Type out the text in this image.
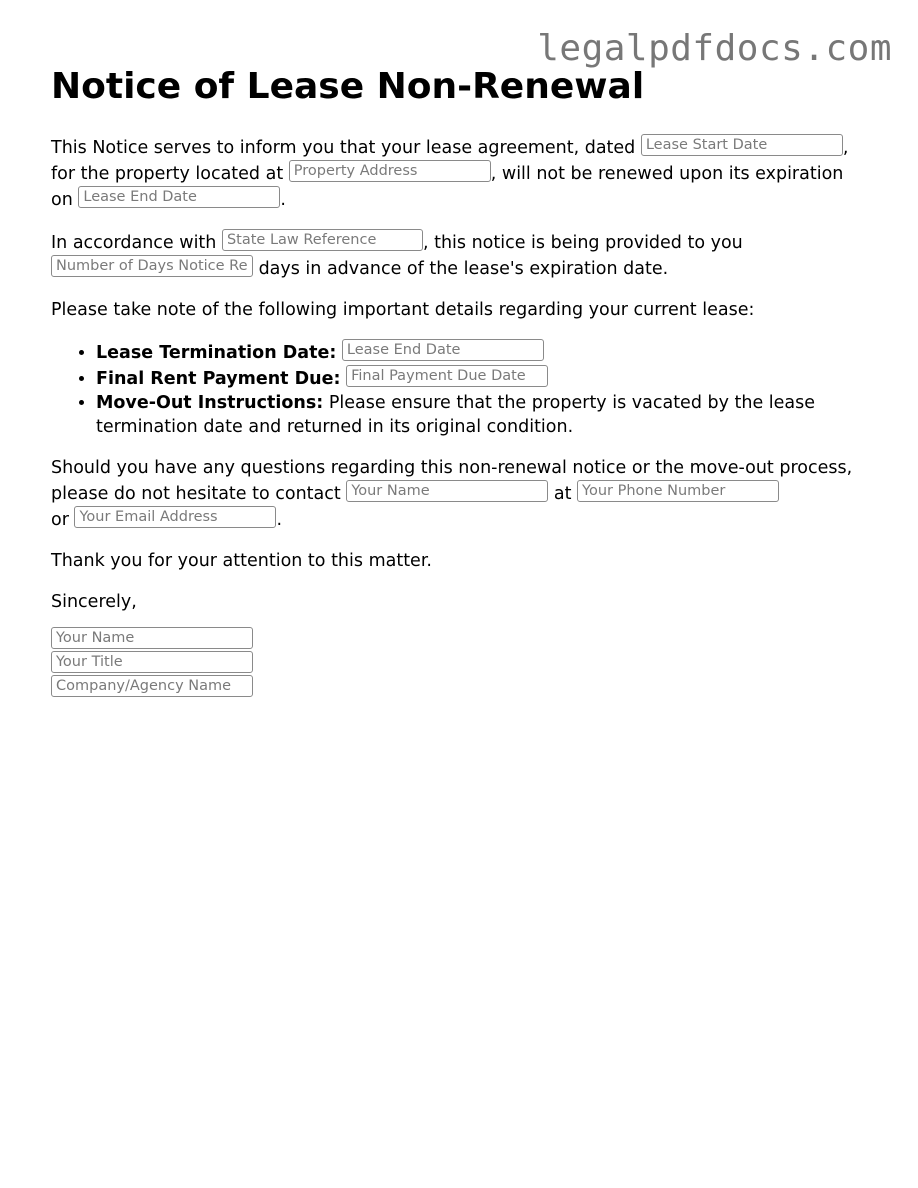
legalpdfdocs.com
Notice of Lease Non-Renewal

This Notice serves to inform you that your lease agreement, dated Lease Start Date	,
for the property located at Property Address	, will not be renewed upon its expiration
on Lease End Date	.

In accordance with State Law Reference	, this notice is being provided to you
Number of Days Notice Re days in advance of the lease's expiration date.

Please take note of the following important details regarding your current lease:

• Lease Termination Date: Lease End Date
• Final Rent Payment Due: Final Payment Due Date
• Move-Out Instructions: Please ensure that the property is vacated by the lease termination date and returned in its original condition.

Should you have any questions regarding this non-renewal notice or the move-out process, please do not hesitate to contact Your Name	at Your Phone Number
or Your Email Address	.

Thank you for your attention to this matter.

Sincerely,

Your Name
Your Title
Company/Agency Name
